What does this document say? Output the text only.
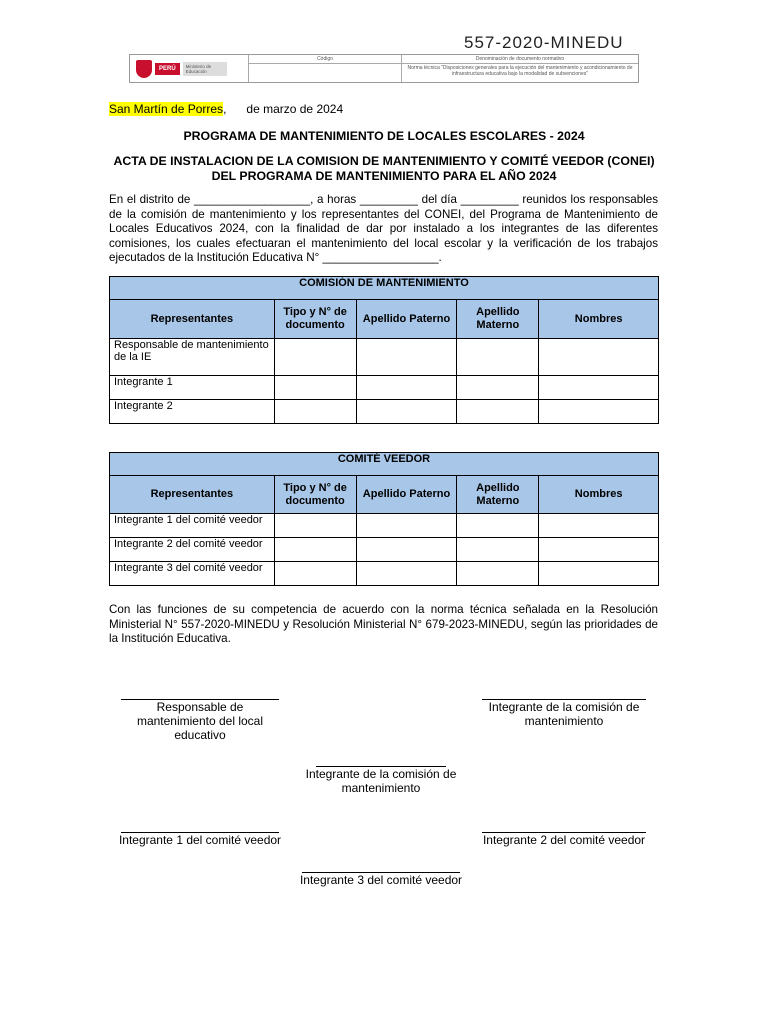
557-2020-MINEDU
PERÚ	Ministerio de Educación
Código	Denominación de documento normativo
Norma técnica "Disposiciones generales para la ejecución del mantenimiento y acondicionamiento de infraestructura educativa bajo la modalidad de subvenciones"
San Martín de Porres,      de marzo de 2024
PROGRAMA DE MANTENIMIENTO DE LOCALES ESCOLARES - 2024
ACTA DE INSTALACION DE LA COMISION DE MANTENIMIENTO Y COMITÉ VEEDOR (CONEI) DEL PROGRAMA DE MANTENIMIENTO PARA EL AÑO 2024
En el distrito de __________________, a horas _________ del día _________ reunidos los responsables de la comisión de mantenimiento y los representantes del CONEI, del Programa de Mantenimiento de Locales Educativos 2024, con la finalidad de dar por instalado a los integrantes de las diferentes comisiones, los cuales efectuaran el mantenimiento del local escolar y la verificación de los trabajos ejecutados de la Institución Educativa N° __________________.
COMISIÓN DE MANTENIMIENTO				
Representantes	Tipo y N° de documento	Apellido Paterno	Apellido Materno	Nombres
Responsable de mantenimiento de la IE				
Integrante 1				
Integrante 2				
COMITÉ VEEDOR				
Representantes	Tipo y N° de documento	Apellido Paterno	Apellido Materno	Nombres
Integrante 1 del comité veedor				
Integrante 2 del comité veedor				
Integrante 3 del comité veedor				
Con las funciones de su competencia de acuerdo con la norma técnica señalada en la Resolución Ministerial N° 557-2020-MINEDU y Resolución Ministerial N° 679-2023-MINEDU, según las prioridades de la Institución Educativa.
Responsable de mantenimiento del local educativo
Integrante de la comisión de mantenimiento
Integrante de la comisión de mantenimiento
Integrante 1 del comité veedor	Integrante 2 del comité veedor
Integrante 3 del comité veedor
